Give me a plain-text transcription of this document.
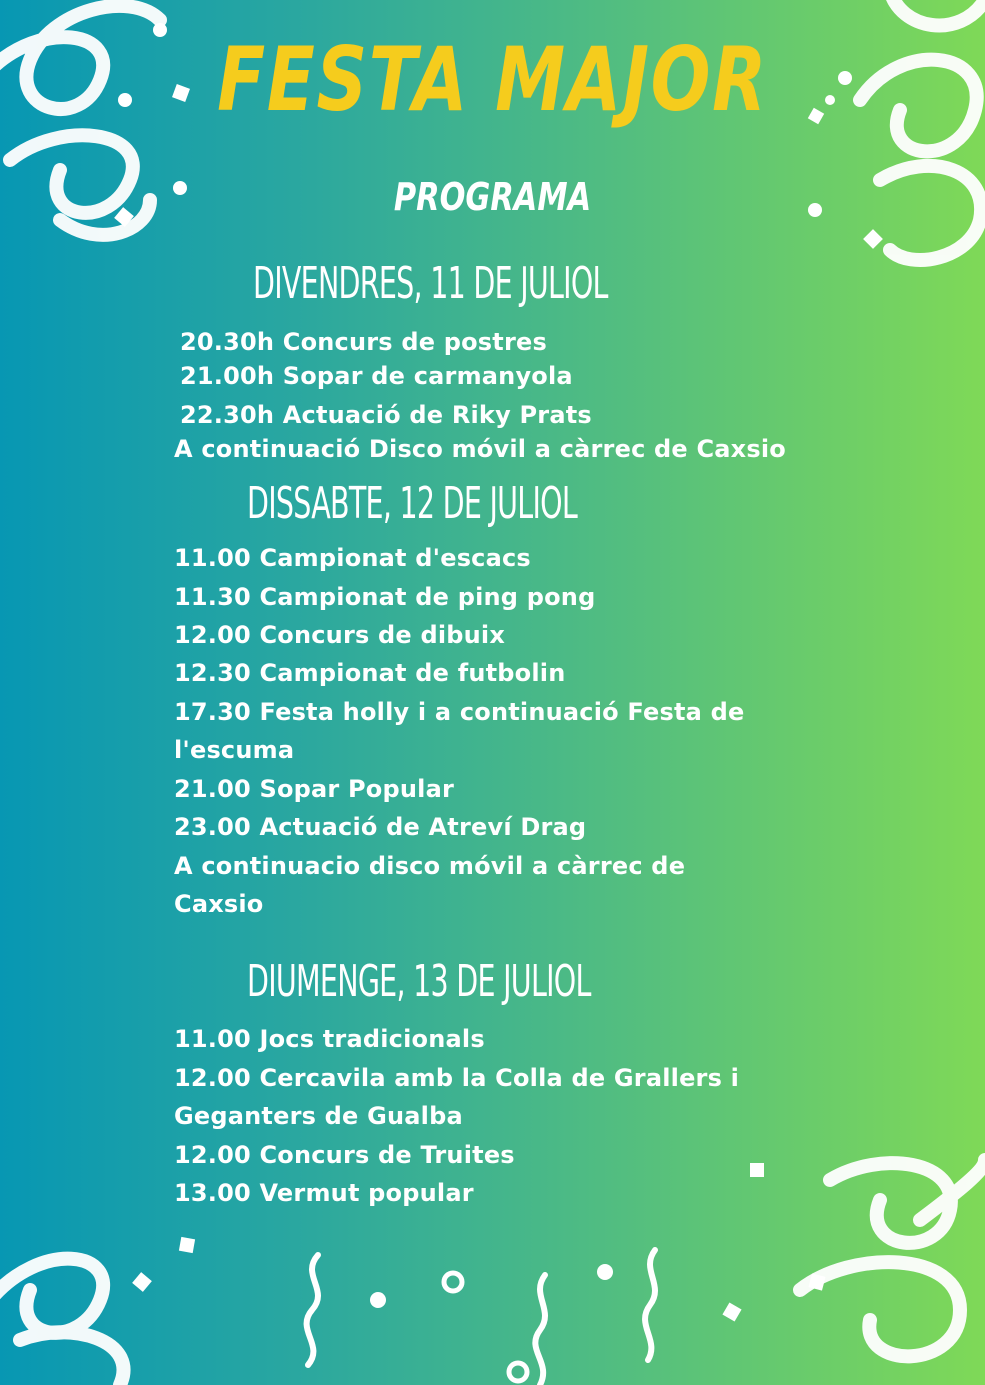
FESTA MAJOR
PROGRAMA
DIVENDRES, 11 DE JULIOL
20.30h Concurs de postres
21.00h Sopar de carmanyola
22.30h Actuació de Riky Prats
A continuació Disco móvil a càrrec de Caxsio
DISSABTE, 12 DE JULIOL
11.00 Campionat d'escacs
11.30 Campionat de ping pong
12.00 Concurs de dibuix
12.30 Campionat de futbolin
17.30 Festa holly i a continuació Festa de
l'escuma
21.00 Sopar Popular
23.00 Actuació de Atreví Drag
A continuacio disco móvil a càrrec de
Caxsio
DIUMENGE, 13 DE JULIOL
11.00 Jocs tradicionals
12.00 Cercavila amb la Colla de Grallers i
Geganters de Gualba
12.00 Concurs de Truites
13.00 Vermut popular
